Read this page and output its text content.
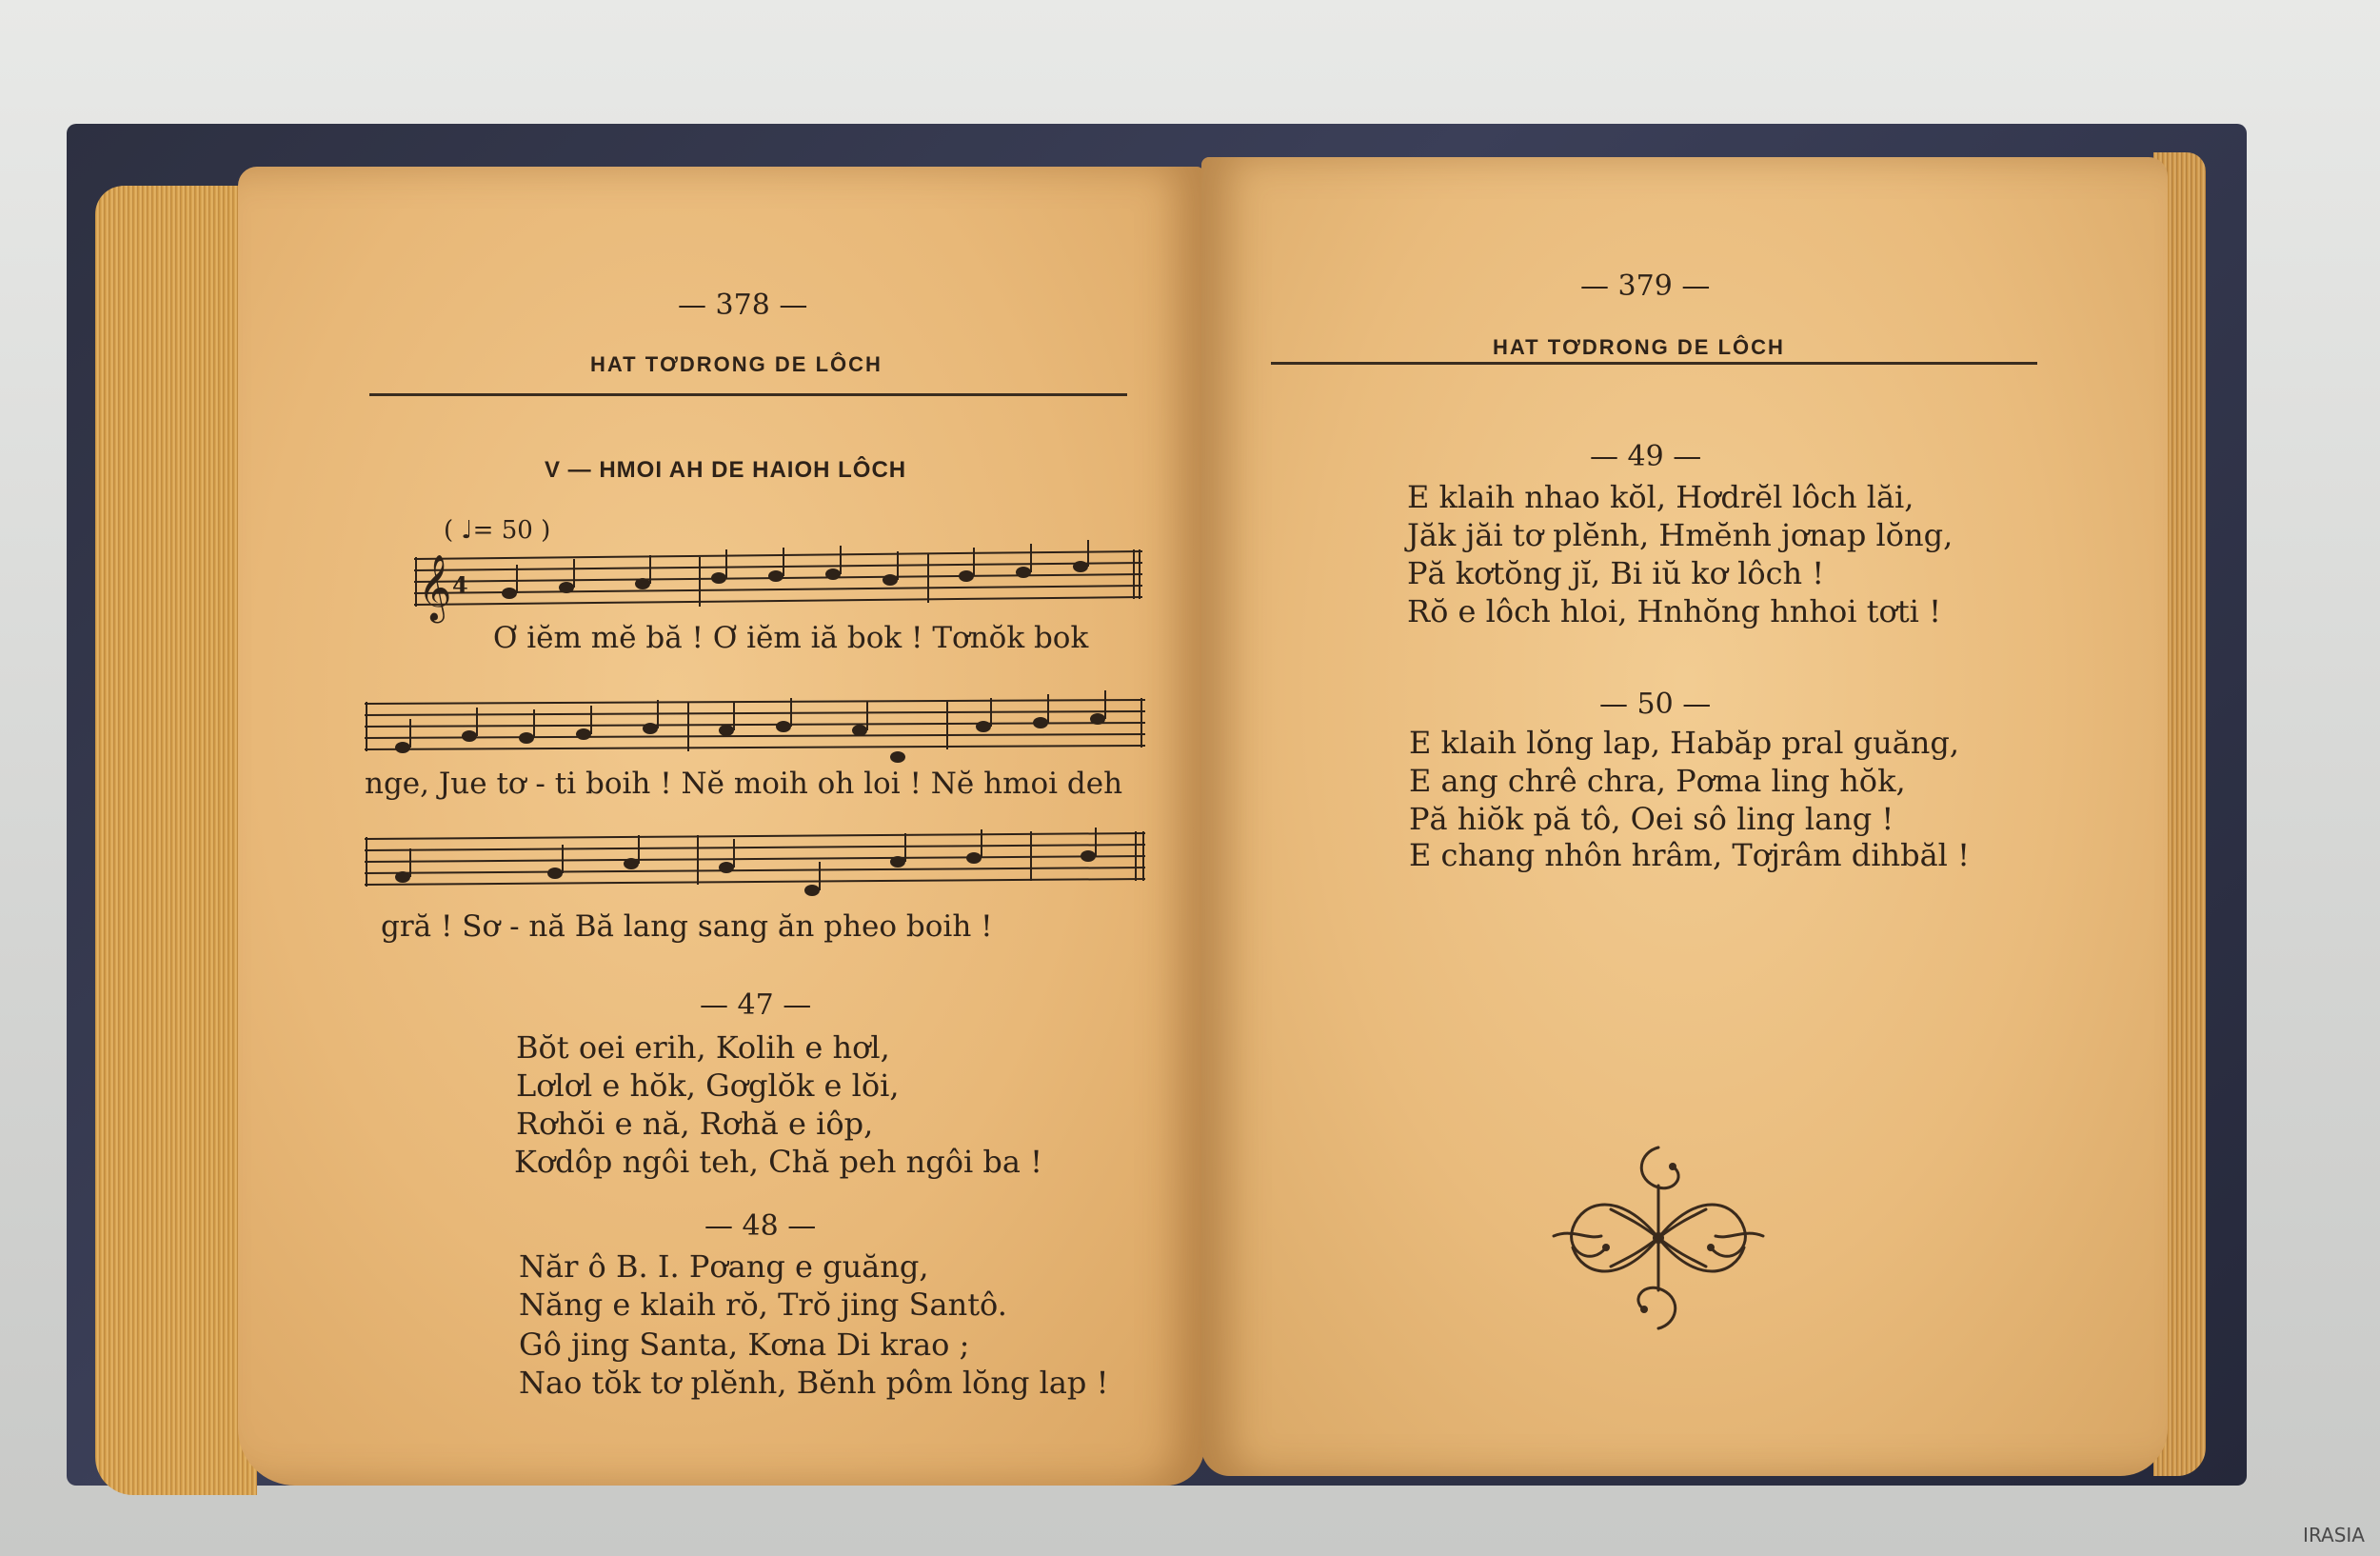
— 378 —
HAT TƠDRONG DE LÔCH
V — HMOI AH DE HAIOH LÔCH
( ♩= 50 )
𝄞 4
Ơ iĕm mĕ bă ! Ơ iĕm iă bok ! Tơnŏk bok
nge, Jue tơ - ti boih ! Nĕ moih oh loi ! Nĕ hmoi deh
gră ! Sơ - nă Bă lang sang ăn pheo boih !
— 47 —
Bŏt oei erih, Kolih e hơl,
Lơlơl e hŏk, Gơglŏk e lŏi,
Rơhŏi e nă, Rơhă e iôp,
Kơdôp ngôi teh, Chă peh ngôi ba !
— 48 —
Năr ô B. I. Pơang e guăng,
Năng e klaih rŏ, Trŏ jing Santô.
Gô jing Santa, Kơna Di krao ;
Nao tŏk tơ plĕnh, Bĕnh pôm lŏng lap !
— 379 —
HAT TƠDRONG DE LÔCH
— 49 —
E klaih nhao kŏl, Hơdrĕl lôch lăi,
Jăk jăi tơ plĕnh, Hmĕnh jơnap lŏng,
Pă kơtŏng jĭ, Bi iŭ kơ lôch !
Rŏ e lôch hloi, Hnhŏng hnhoi tơti !
— 50 —
E klaih lŏng lap, Habăp pral guăng,
E ang chrê chra, Pơma ling hŏk,
Pă hiŏk pă tô, Oei sô ling lang !
E chang nhôn hrâm, Tơjrâm dihbăl !
IRASIA
